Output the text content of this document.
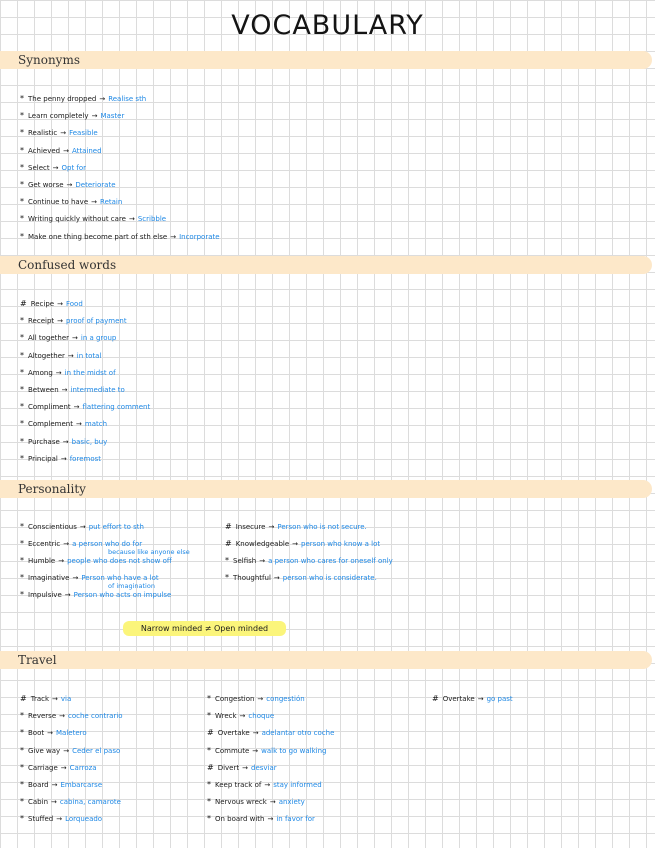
VOCABULARY
Synonyms
Confused words
Personality
Travel
* The penny dropped → Realise sth
* Learn completely → Master
* Realistic → Feasible
* Achieved → Attained
* Select → Opt for
* Get worse → Deteriorate
* Continue to have → Retain
* Writing quickly without care → Scribble
* Make one thing become part of sth else → Incorporate
# Recipe → Food
* Receipt → proof of payment
* All together → in a group
* Altogether → in total
* Among → in the midst of
* Between → intermediate to
* Compliment → flattering comment
* Complement → match
* Purchase → basic, buy
* Principal → foremost
* Conscientious → put effort to sth
* Eccentric → a person who do for
because like anyone else
* Humble → people who does not show off
* Imaginative → Person who have a lot
of imagination
* Impulsive → Person who acts on impulse
# Insecure → Person who is not secure.
# Knowledgeable → person who know a lot
* Selfish → a person who cares for oneself only
* Thoughtful → person who is considerate.
# Track → via
* Reverse → coche contrario
* Boot → Maletero
* Give way → Ceder el paso
* Carriage → Carroza
* Board → Embarcarse
* Cabin → cabina, camarote
* Stuffed → Lorqueado
* Congestion → congestión
* Wreck → choque
# Overtake → adelantar otro coche
* Commute → walk to go walking
# Divert → desviar
* Keep track of → stay informed
* Nervous wreck → anxiety
* On board with → in favor for
# Overtake → go past
Narrow minded ≠ Open minded
